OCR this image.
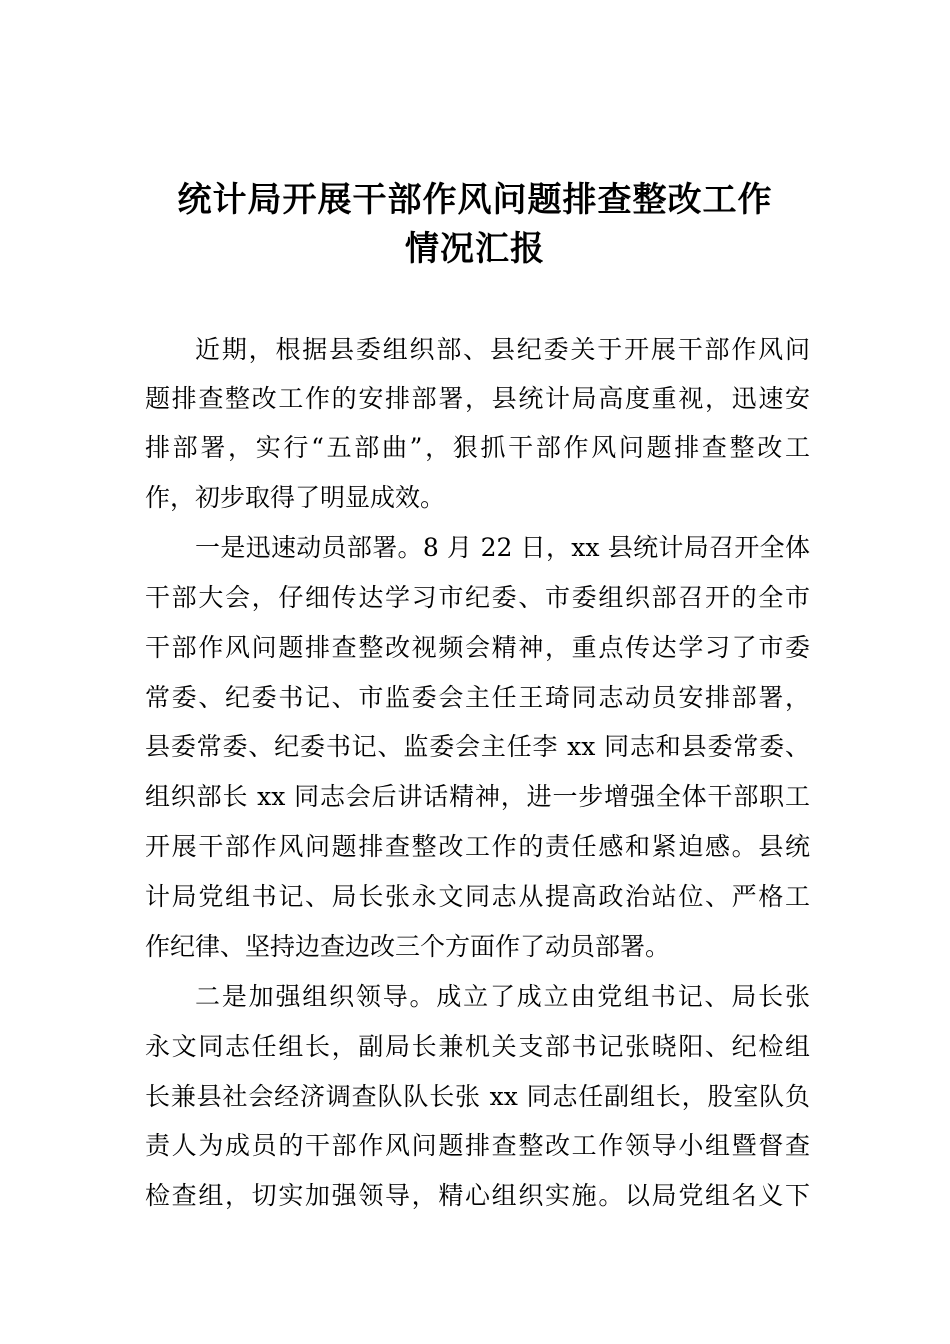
统计局开展干部作风问题排查整改工作
情况汇报
近期，根据县委组织部、县纪委关于开展干部作风问
题排查整改工作的安排部署，县统计局高度重视，迅速安
排部署，实行“五部曲”，狠抓干部作风问题排查整改工
作，初步取得了明显成效。
一是迅速动员部署。8 月 22 日，xx 县统计局召开全体
干部大会，仔细传达学习市纪委、市委组织部召开的全市
干部作风问题排查整改视频会精神，重点传达学习了市委
常委、纪委书记、市监委会主任王琦同志动员安排部署，
县委常委、纪委书记、监委会主任李 xx 同志和县委常委、
组织部长 xx 同志会后讲话精神，进一步增强全体干部职工
开展干部作风问题排查整改工作的责任感和紧迫感。县统
计局党组书记、局长张永文同志从提高政治站位、严格工
作纪律、坚持边查边改三个方面作了动员部署。
二是加强组织领导。成立了成立由党组书记、局长张
永文同志任组长，副局长兼机关支部书记张晓阳、纪检组
长兼县社会经济调查队队长张 xx 同志任副组长，股室队负
责人为成员的干部作风问题排查整改工作领导小组暨督查
检查组，切实加强领导，精心组织实施。以局党组名义下
